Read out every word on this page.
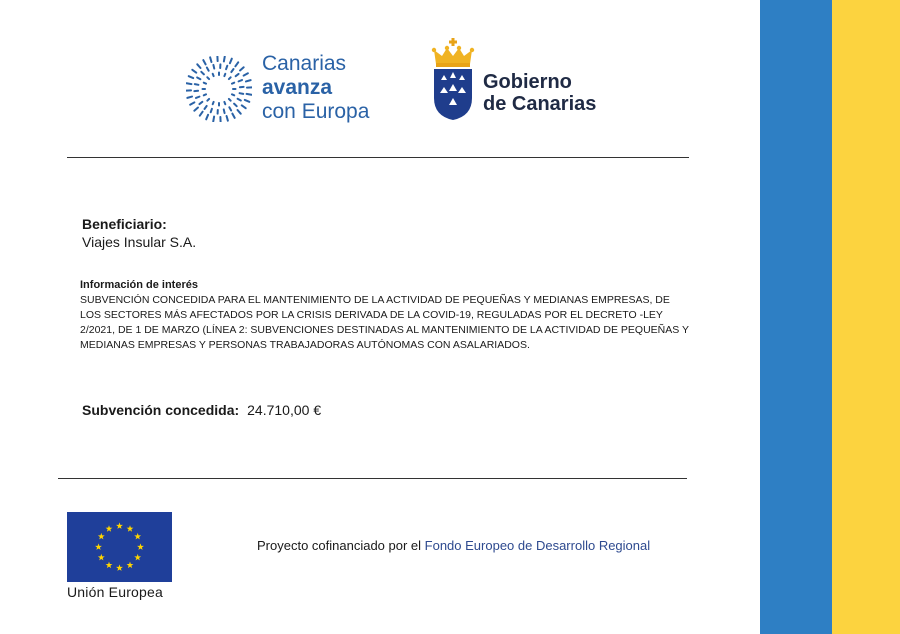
Canarias
avanza
con Europa
Gobierno
de Canarias
Beneficiario:
Viajes Insular S.A.
Información de interés
SUBVENCIÓN CONCEDIDA PARA EL MANTENIMIENTO DE LA ACTIVIDAD DE PEQUEÑAS Y MEDIANAS EMPRESAS, DE LOS SECTORES MÁS AFECTADOS POR LA CRISIS DERIVADA DE LA COVID-19, REGULADAS POR EL DECRETO -LEY 2/2021, DE 1 DE MARZO (LÍNEA 2: SUBVENCIONES DESTINADAS AL MANTENIMIENTO DE LA ACTIVIDAD DE PEQUEÑAS Y MEDIANAS EMPRESAS Y PERSONAS TRABAJADORAS AUTÓNOMAS CON ASALARIADOS.
Subvención concedida: 24.710,00 €
Unión Europea
Proyecto cofinanciado por el Fondo Europeo de Desarrollo Regional
